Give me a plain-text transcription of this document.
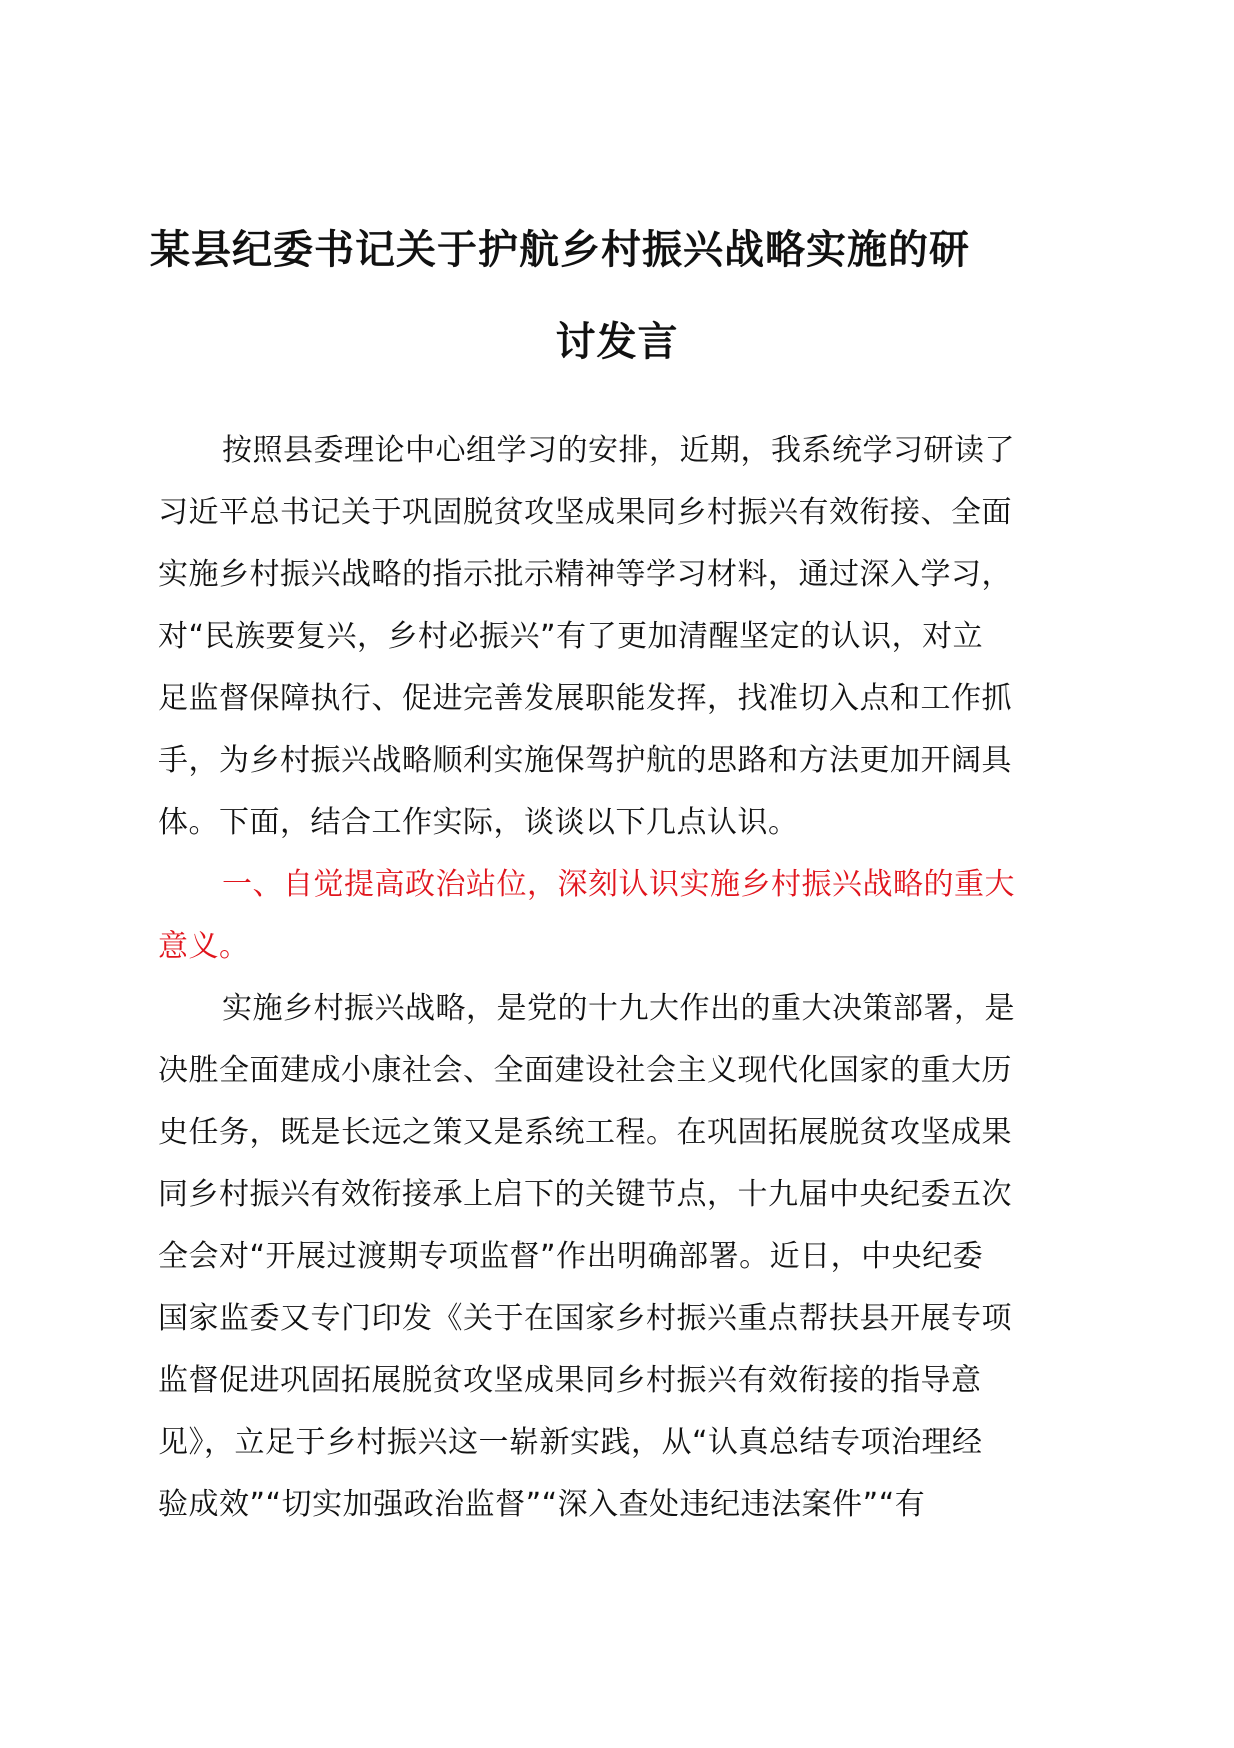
某县纪委书记关于护航乡村振兴战略实施的研
讨发言
按照县委理论中心组学习的安排，近期，我系统学习研读了
习近平总书记关于巩固脱贫攻坚成果同乡村振兴有效衔接、全面
实施乡村振兴战略的指示批示精神等学习材料，通过深入学习，
对“民族要复兴，乡村必振兴”有了更加清醒坚定的认识，对立
足监督保障执行、促进完善发展职能发挥，找准切入点和工作抓
手，为乡村振兴战略顺利实施保驾护航的思路和方法更加开阔具
体。下面，结合工作实际，谈谈以下几点认识。
一、自觉提高政治站位，深刻认识实施乡村振兴战略的重大
意义。
实施乡村振兴战略，是党的十九大作出的重大决策部署，是
决胜全面建成小康社会、全面建设社会主义现代化国家的重大历
史任务，既是长远之策又是系统工程。在巩固拓展脱贫攻坚成果
同乡村振兴有效衔接承上启下的关键节点，十九届中央纪委五次
全会对“开展过渡期专项监督”作出明确部署。近日，中央纪委
国家监委又专门印发《关于在国家乡村振兴重点帮扶县开展专项
监督促进巩固拓展脱贫攻坚成果同乡村振兴有效衔接的指导意
见》，立足于乡村振兴这一崭新实践，从“认真总结专项治理经
验成效”“切实加强政治监督”“深入查处违纪违法案件”“有
